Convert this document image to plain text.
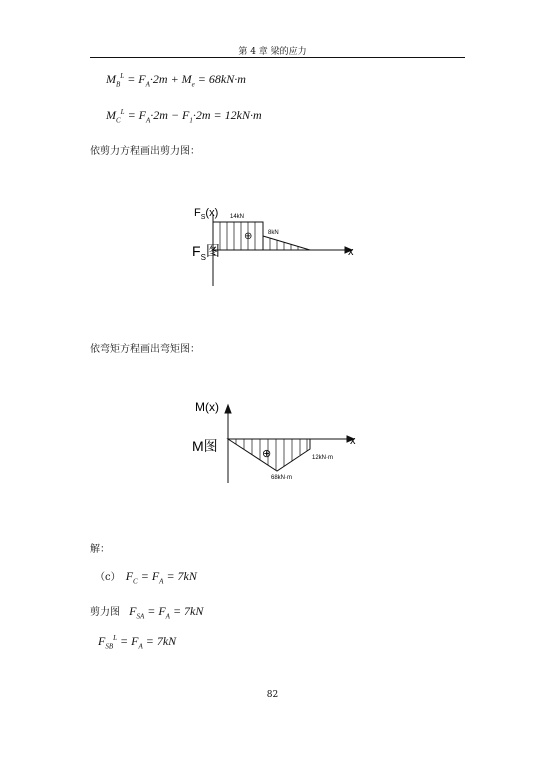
第 4 章 梁的应力
$M_B^L = F_A\cdot 2m + M_e = 68kN\cdot m$
$M_C^L = F_A\cdot 2m - F_1\cdot 2m = 12kN\cdot m$
依剪力方程画出剪力图：
$F_S(x)$ 14kN
8kN
⊕
x
$F_S$图
依弯矩方程画出弯矩图：
M(x)
x
M图	⊕	12kN·m
68kN·m
解：
（c） $F_C = F_A = 7kN$
剪力图 $F_{SA} = F_A = 7kN$
$F_{SB}^L = F_A = 7kN$
82
